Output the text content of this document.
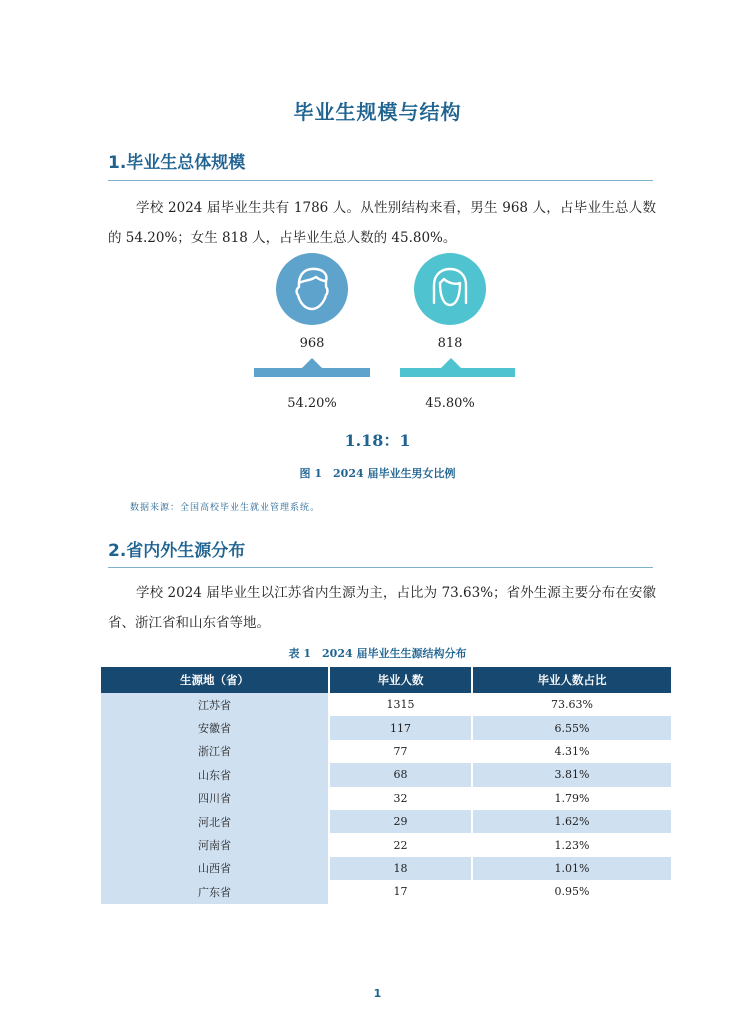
毕业生规模与结构
1.毕业生总体规模
学校 2024 届毕业生共有 1786 人。从性别结构来看，男生 968 人，占毕业生总人数的 54.20%；女生 818 人，占毕业生总人数的 45.80%。
968	818
54.20%	45.80%
1.18：1
图 1　2024 届毕业生男女比例
数据来源：全国高校毕业生就业管理系统。
2.省内外生源分布
学校 2024 届毕业生以江苏省内生源为主，占比为 73.63%；省外生源主要分布在安徽省、浙江省和山东省等地。
表 1　2024 届毕业生生源结构分布
生源地（省）	毕业人数	毕业人数占比
江苏省	1315	73.63%
安徽省	117	6.55%
浙江省	77	4.31%
山东省	68	3.81%
四川省	32	1.79%
河北省	29	1.62%
河南省	22	1.23%
山西省	18	1.01%
广东省	17	0.95%
1
